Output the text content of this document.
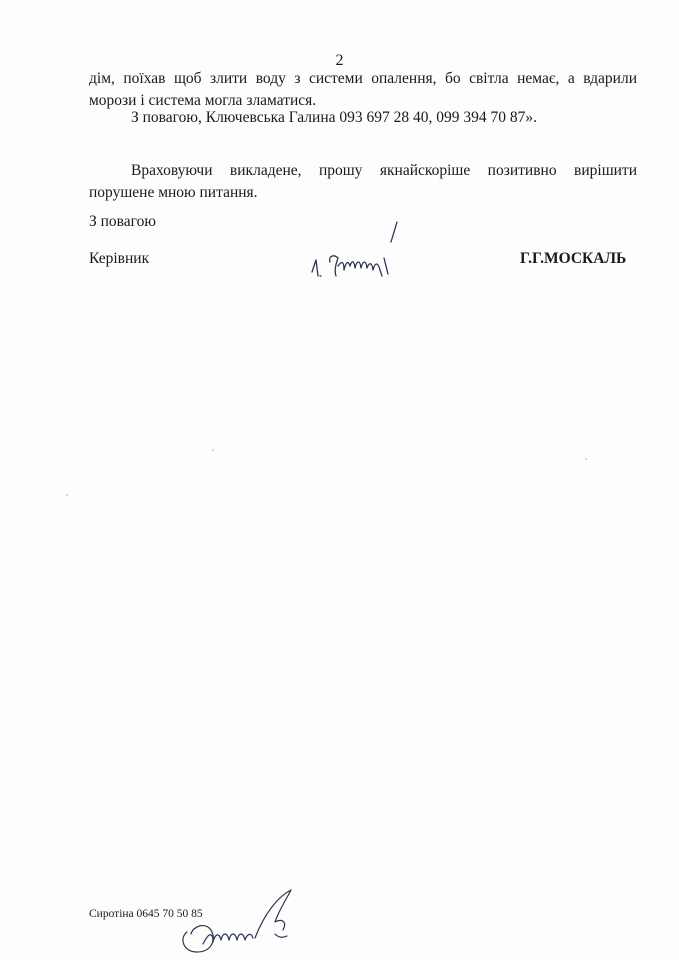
2
дім, поїхав щоб злити воду з системи опалення, бо світла немає, а вдарили
морози і система могла зламатися.
З повагою, Ключевська Галина 093 697 28 40, 099 394 70 87».
Враховуючи викладене, прошу якнайскоріше позитивно вирішити порушене мною питання.
З повагою
Керівник	Г.Г.МОСКАЛЬ
Сиротіна 0645 70 50 85
